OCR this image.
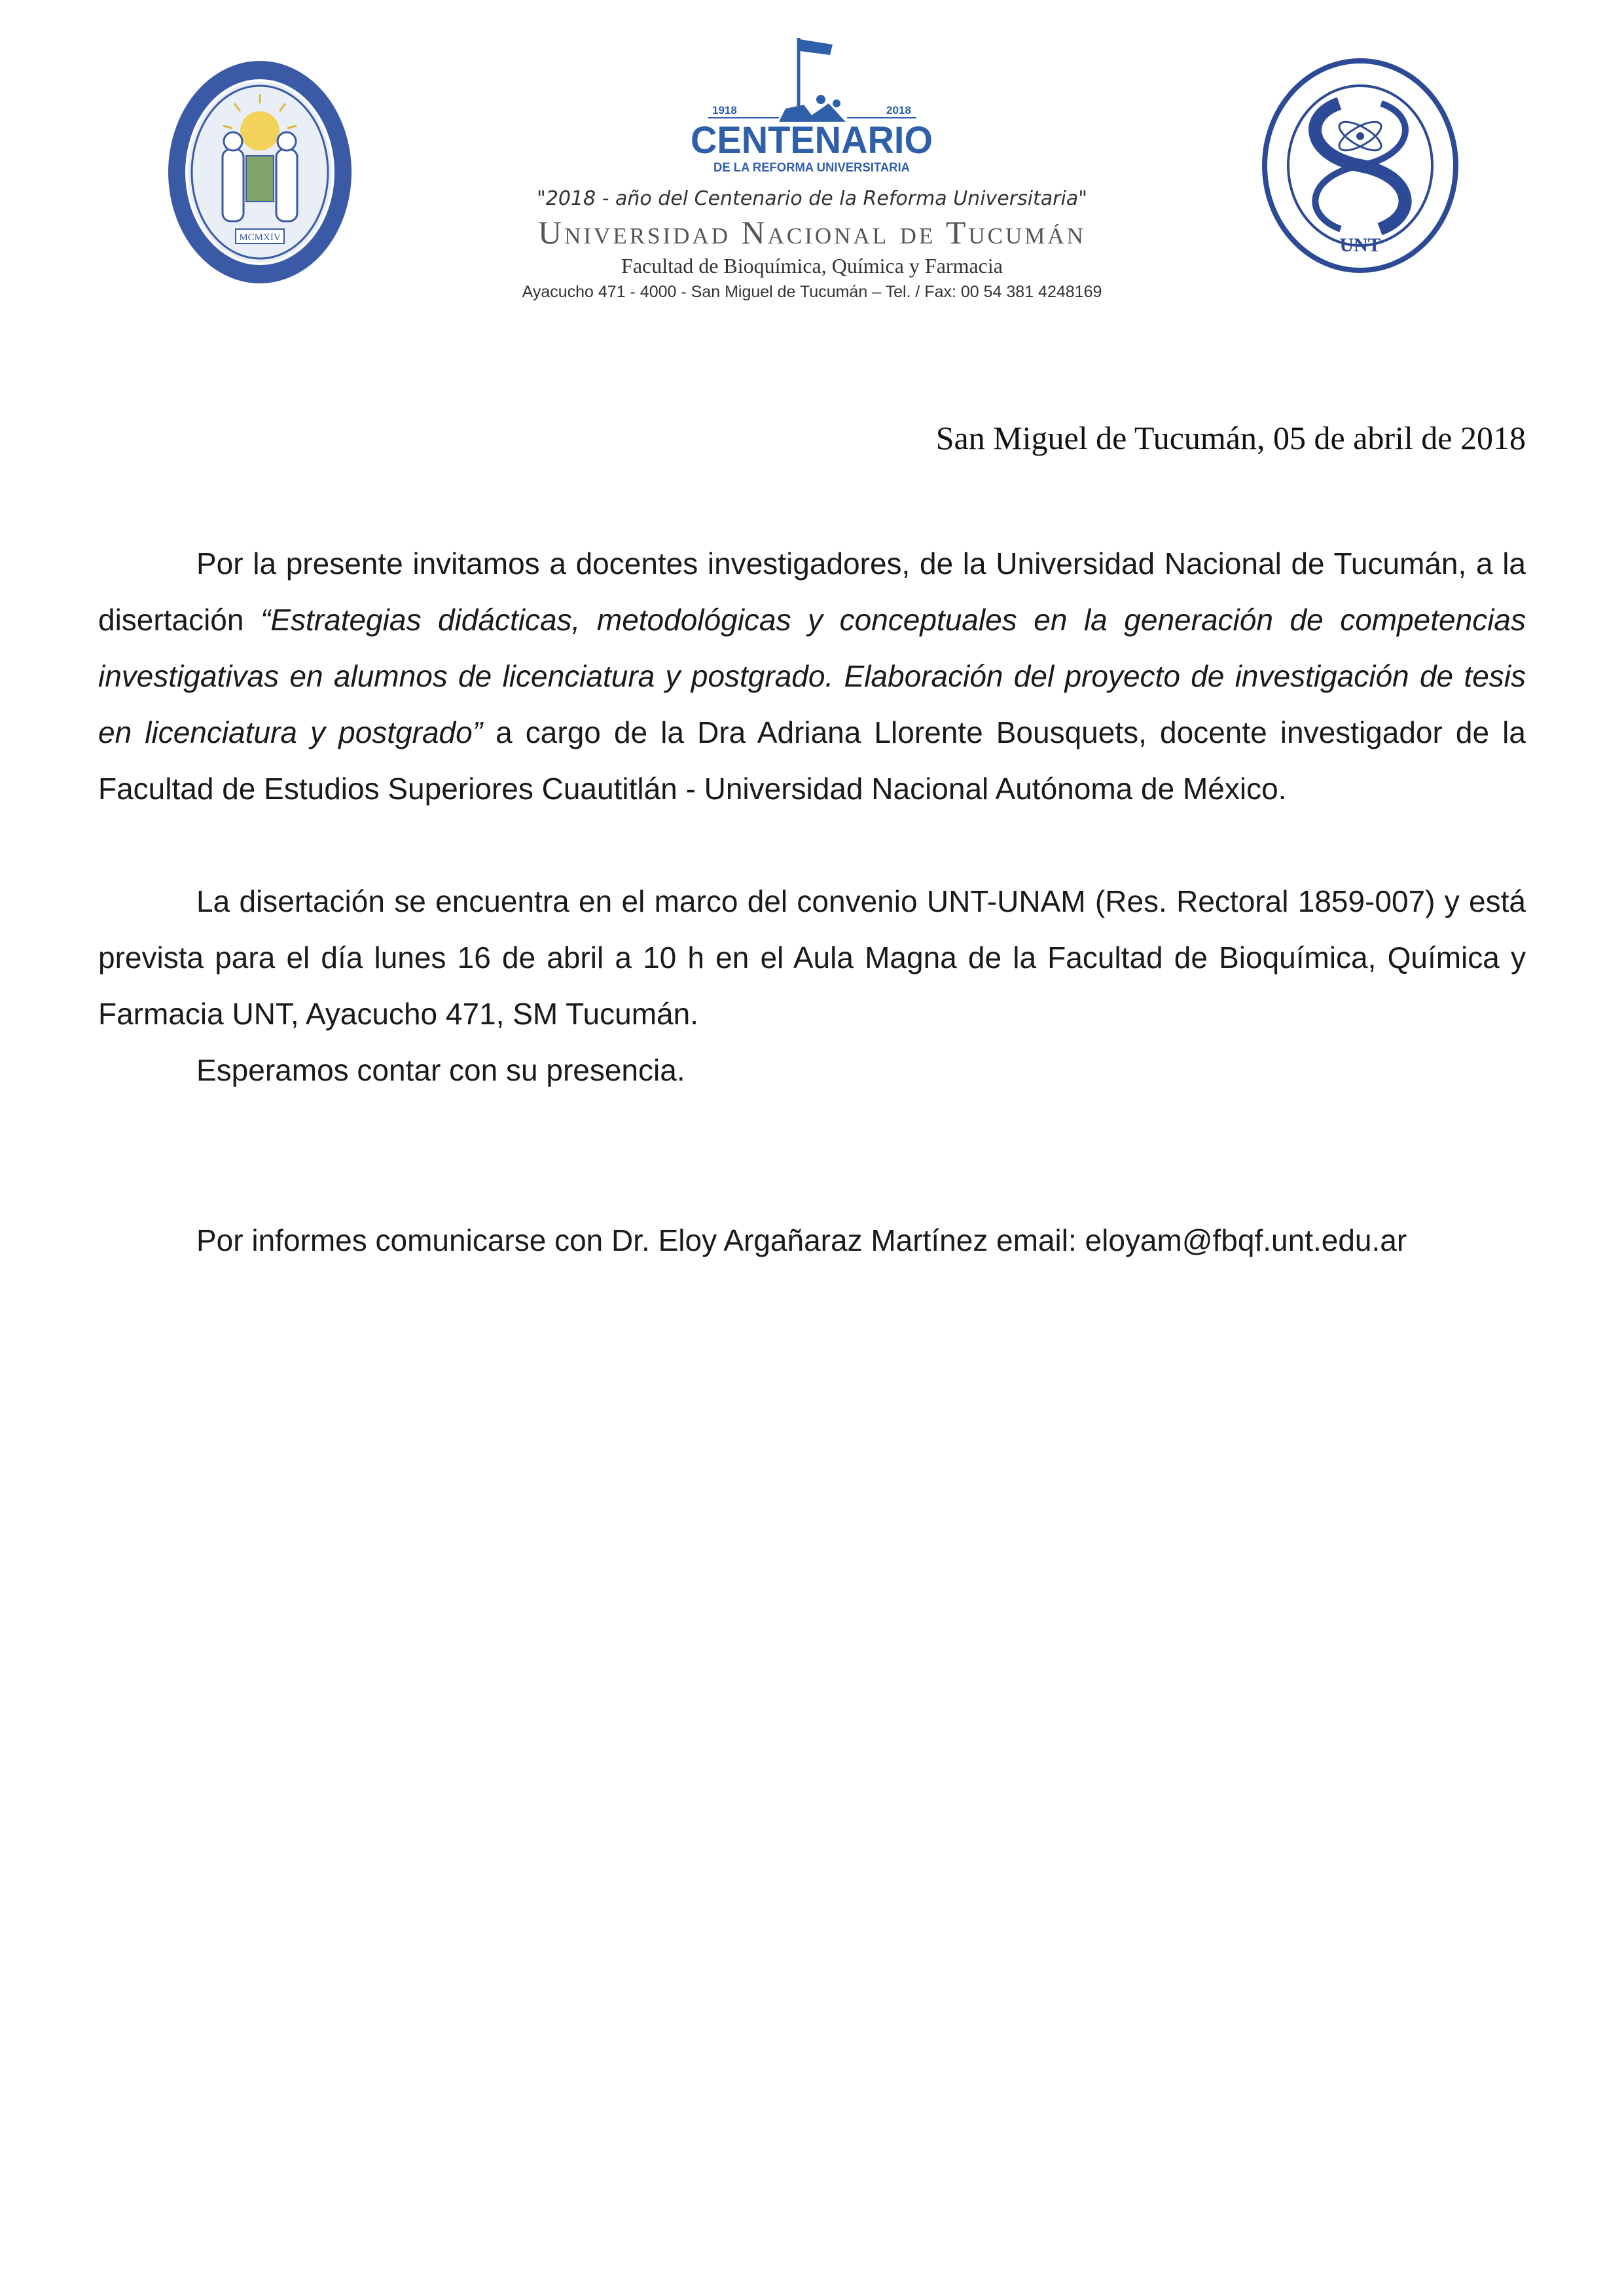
MCMXIV
1918	2018
CENTENARIO
DE LA REFORMA UNIVERSITARIA
UNT
"2018 - año del Centenario de la Reforma Universitaria"
Universidad Nacional de Tucumán
Facultad de Bioquímica, Química y Farmacia
Ayacucho 471 - 4000 - San Miguel de Tucumán – Tel. / Fax: 00 54 381 4248169
San Miguel de Tucumán, 05 de abril de 2018

Por la presente invitamos a docentes investigadores, de la Universidad Nacional de Tucumán, a la disertación “Estrategias didácticas, metodológicas y conceptuales en la generación de competencias investigativas en alumnos de licenciatura y postgrado. Elaboración del proyecto de investigación de tesis en licenciatura y postgrado” a cargo de la Dra Adriana Llorente Bousquets, docente investigador de la Facultad de Estudios Superiores Cuautitlán - Universidad Nacional Autónoma de México.

La disertación se encuentra en el marco del convenio UNT-UNAM (Res. Rectoral 1859-007) y está prevista para el día lunes 16 de abril a 10 h en el Aula Magna de la Facultad de Bioquímica, Química y Farmacia UNT, Ayacucho 471, SM Tucumán.

Esperamos contar con su presencia.

Por informes comunicarse con Dr. Eloy Argañaraz Martínez email: eloyam@fbqf.unt.edu.ar
